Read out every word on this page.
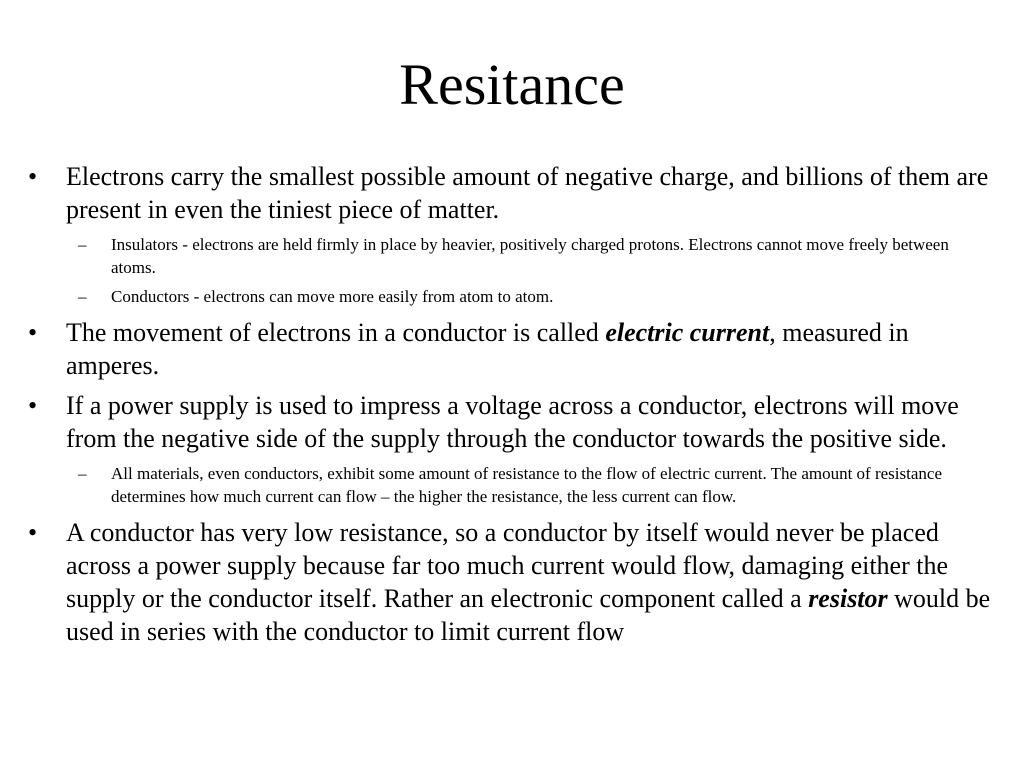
Resitance
• Electrons carry the smallest possible amount of negative charge, and billions of them are present in even the tiniest piece of matter.
– Insulators - electrons are held firmly in place by heavier, positively charged protons. Electrons cannot move freely between atoms.
– Conductors - electrons can move more easily from atom to atom.
• The movement of electrons in a conductor is called electric current, measured in amperes.
• If a power supply is used to impress a voltage across a conductor, electrons will move from the negative side of the supply through the conductor towards the positive side.
– All materials, even conductors, exhibit some amount of resistance to the flow of electric current. The amount of resistance determines how much current can flow – the higher the resistance, the less current can flow.
• A conductor has very low resistance, so a conductor by itself would never be placed across a power supply because far too much current would flow, damaging either the supply or the conductor itself. Rather an electronic component called a resistor would be used in series with the conductor to limit current flow
